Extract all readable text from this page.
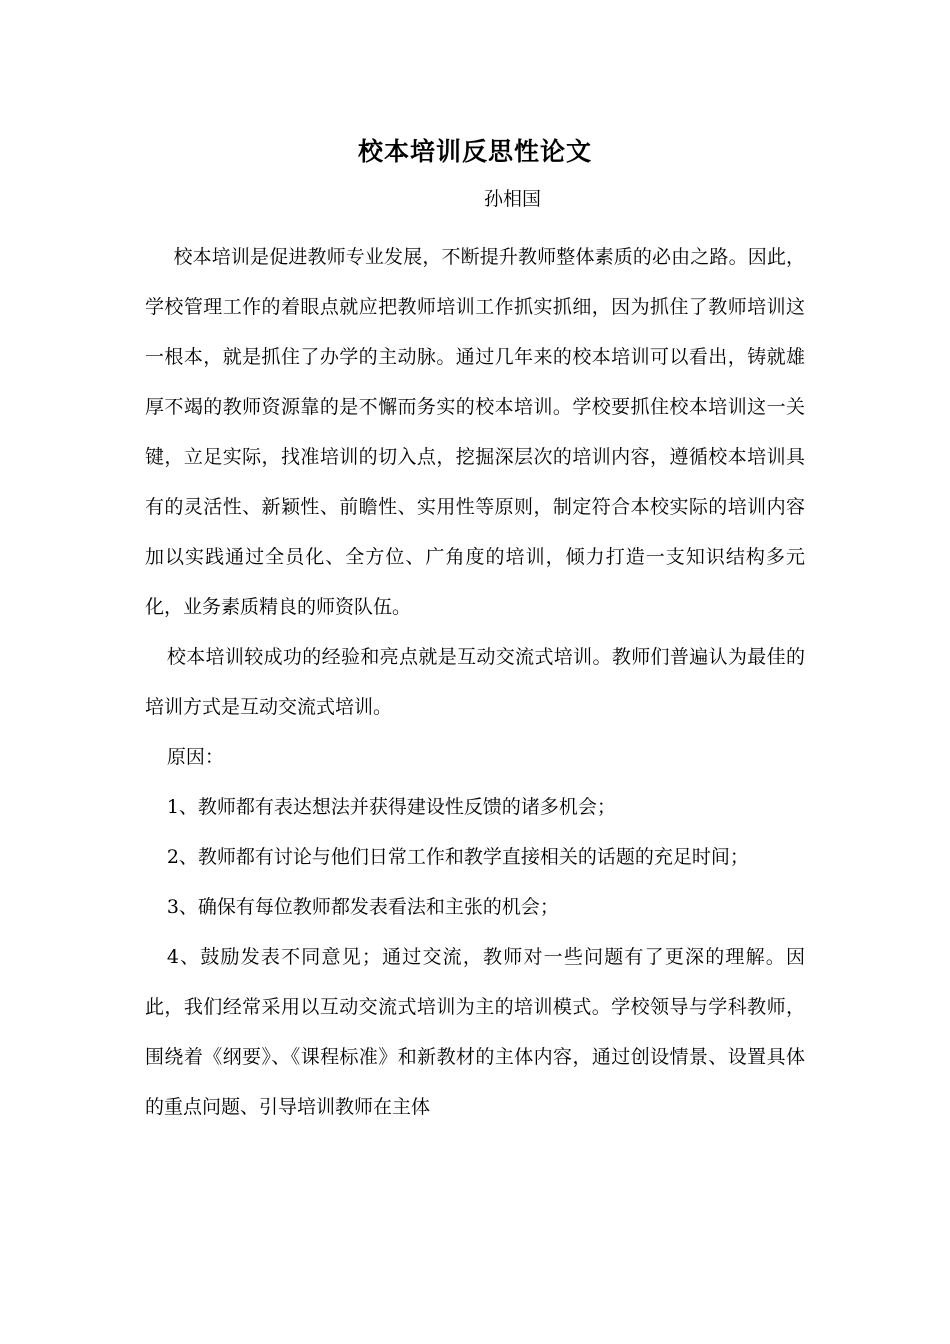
校本培训反思性论文
孙相国

校本培训是促进教师专业发展，不断提升教师整体素质的必由之路。因此，学校管理工作的着眼点就应把教师培训工作抓实抓细，因为抓住了教师培训这一根本，就是抓住了办学的主动脉。通过几年来的校本培训可以看出，铸就雄厚不竭的教师资源靠的是不懈而务实的校本培训。学校要抓住校本培训这一关键，立足实际，找准培训的切入点，挖掘深层次的培训内容，遵循校本培训具有的灵活性、新颖性、前瞻性、实用性等原则，制定符合本校实际的培训内容加以实践通过全员化、全方位、广角度的培训，倾力打造一支知识结构多元化，业务素质精良的师资队伍。

校本培训较成功的经验和亮点就是互动交流式培训。教师们普遍认为最佳的培训方式是互动交流式培训。

原因：

1、教师都有表达想法并获得建设性反馈的诸多机会；

2、教师都有讨论与他们日常工作和教学直接相关的话题的充足时间；

3、确保有每位教师都发表看法和主张的机会；

4、鼓励发表不同意见；通过交流，教师对一些问题有了更深的理解。因此，我们经常采用以互动交流式培训为主的培训模式。学校领导与学科教师，围绕着《纲要》、《课程标准》和新教材的主体内容，通过创设情景、设置具体的重点问题、引导培训教师在主体
